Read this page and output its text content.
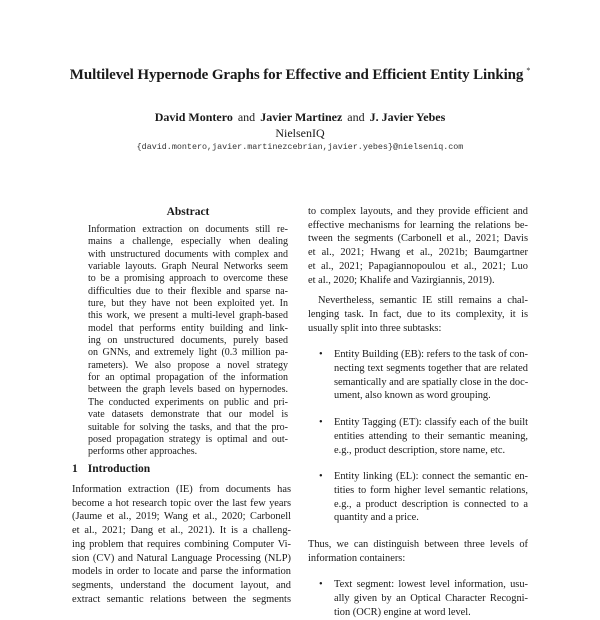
Multilevel Hypernode Graphs for Effective and Efficient Entity Linking *
David Montero and Javier Martinez and J. Javier Yebes
NielsenIQ
{david.montero,javier.martinezcebrian,javier.yebes}@nielseniq.com
Abstract
Information extraction on documents still re-
mains a challenge, especially when dealing
with unstructured documents with complex and
variable layouts. Graph Neural Networks seem
to be a promising approach to overcome these
difficulties due to their flexible and sparse na-
ture, but they have not been exploited yet. In
this work, we present a multi-level graph-based
model that performs entity building and link-
ing on unstructured documents, purely based
on GNNs, and extremely light (0.3 million pa-
rameters). We also propose a novel strategy
for an optimal propagation of the information
between the graph levels based on hypernodes.
The conducted experiments on public and pri-
vate datasets demonstrate that our model is
suitable for solving the tasks, and that the pro-
posed propagation strategy is optimal and out-
performs other approaches.
1 Introduction
Information extraction (IE) from documents has
become a hot research topic over the last few years
(Jaume et al., 2019; Wang et al., 2020; Carbonell
et al., 2021; Dang et al., 2021). It is a challeng-
ing problem that requires combining Computer Vi-
sion (CV) and Natural Language Processing (NLP)
models in order to locate and parse the information
segments, understand the document layout, and
extract semantic relations between the segments
to complex layouts, and they provide efficient and
effective mechanisms for learning the relations be-
tween the segments (Carbonell et al., 2021; Davis
et al., 2021; Hwang et al., 2021b; Baumgartner
et al., 2021; Papagiannopoulou et al., 2021; Luo
et al., 2020; Khalife and Vazirgiannis, 2019).
Nevertheless, semantic IE still remains a chal-
lenging task. In fact, due to its complexity, it is
usually split into three subtasks:
• Entity Building (EB): refers to the task of con-
necting text segments together that are related
semantically and are spatially close in the doc-
ument, also known as word grouping.
• Entity Tagging (ET): classify each of the built
entities attending to their semantic meaning,
e.g., product description, store name, etc.
• Entity linking (EL): connect the semantic en-
tities to form higher level semantic relations,
e.g., a product description is connected to a
quantity and a price.
Thus, we can distinguish between three levels of
information containers:
• Text segment: lowest level information, usu-
ally given by an Optical Character Recogni-
tion (OCR) engine at word level.
